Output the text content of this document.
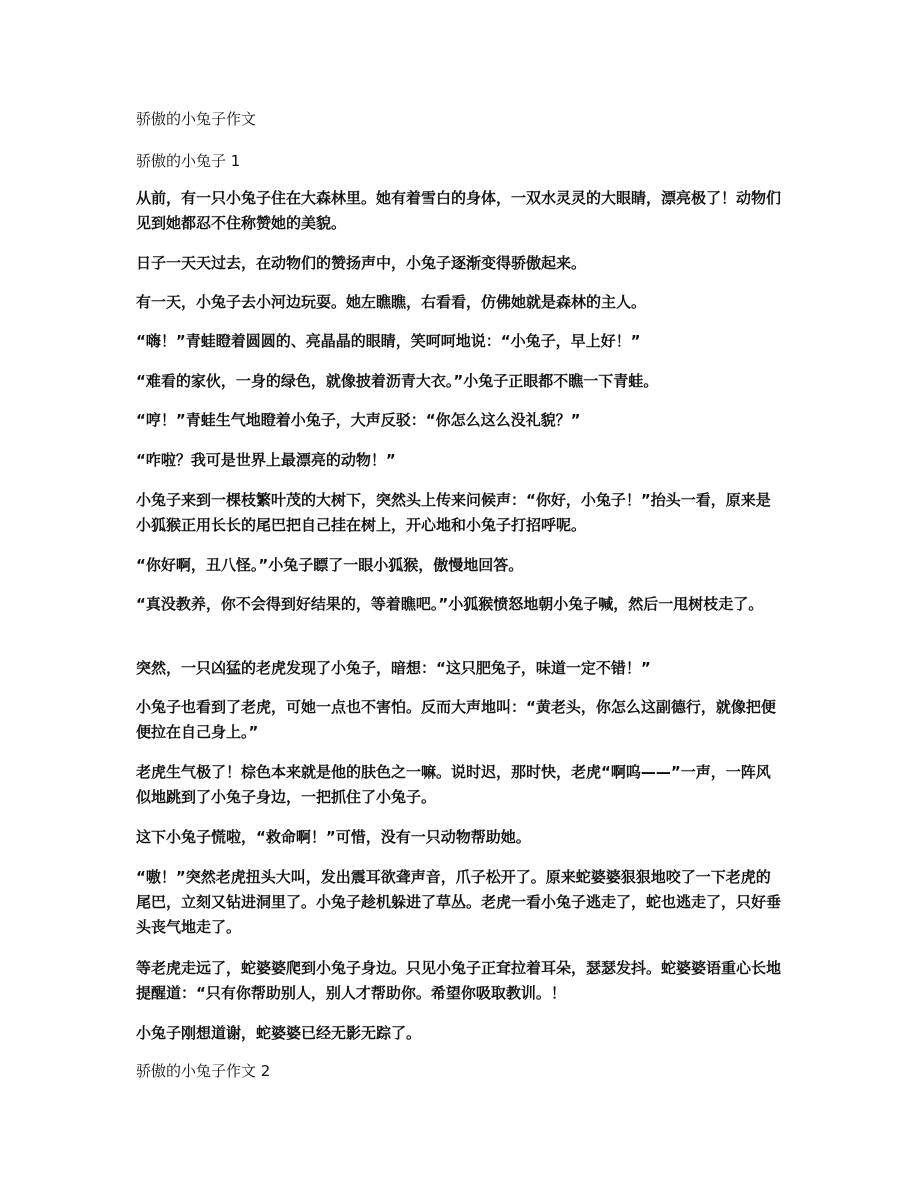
骄傲的小兔子作文
骄傲的小兔子 1
从前，有一只小兔子住在大森林里。她有着雪白的身体，一双水灵灵的大眼睛，漂亮极了！动物们见到她都忍不住称赞她的美貌。
日子一天天过去，在动物们的赞扬声中，小兔子逐渐变得骄傲起来。
有一天，小兔子去小河边玩耍。她左瞧瞧，右看看，仿佛她就是森林的主人。
“嗨！”青蛙瞪着圆圆的、亮晶晶的眼睛，笑呵呵地说：“小兔子，早上好！”
“难看的家伙，一身的绿色，就像披着沥青大衣。”小兔子正眼都不瞧一下青蛙。
“哼！”青蛙生气地瞪着小兔子，大声反驳：“你怎么这么没礼貌？”
“咋啦？我可是世界上最漂亮的动物！”
小兔子来到一棵枝繁叶茂的大树下，突然头上传来问候声：“你好，小兔子！”抬头一看，原来是小狐猴正用长长的尾巴把自己挂在树上，开心地和小兔子打招呼呢。
“你好啊，丑八怪。”小兔子瞟了一眼小狐猴，傲慢地回答。
“真没教养，你不会得到好结果的，等着瞧吧。”小狐猴愤怒地朝小兔子喊，然后一甩树枝走了。
突然，一只凶猛的老虎发现了小兔子，暗想：“这只肥兔子，味道一定不错！”
小兔子也看到了老虎，可她一点也不害怕。反而大声地叫：“黄老头，你怎么这副德行，就像把便便拉在自己身上。”
老虎生气极了！棕色本来就是他的肤色之一嘛。说时迟，那时快，老虎“啊呜——”一声，一阵风似地跳到了小兔子身边，一把抓住了小兔子。
这下小兔子慌啦，“救命啊！”可惜，没有一只动物帮助她。
“嗷！”突然老虎扭头大叫，发出震耳欲聋声音，爪子松开了。原来蛇婆婆狠狠地咬了一下老虎的尾巴，立刻又钻进洞里了。小兔子趁机躲进了草丛。老虎一看小兔子逃走了，蛇也逃走了，只好垂头丧气地走了。
等老虎走远了，蛇婆婆爬到小兔子身边。只见小兔子正耷拉着耳朵，瑟瑟发抖。蛇婆婆语重心长地提醒道：“只有你帮助别人，别人才帮助你。希望你吸取教训。！
小兔子刚想道谢，蛇婆婆已经无影无踪了。
骄傲的小兔子作文 2
